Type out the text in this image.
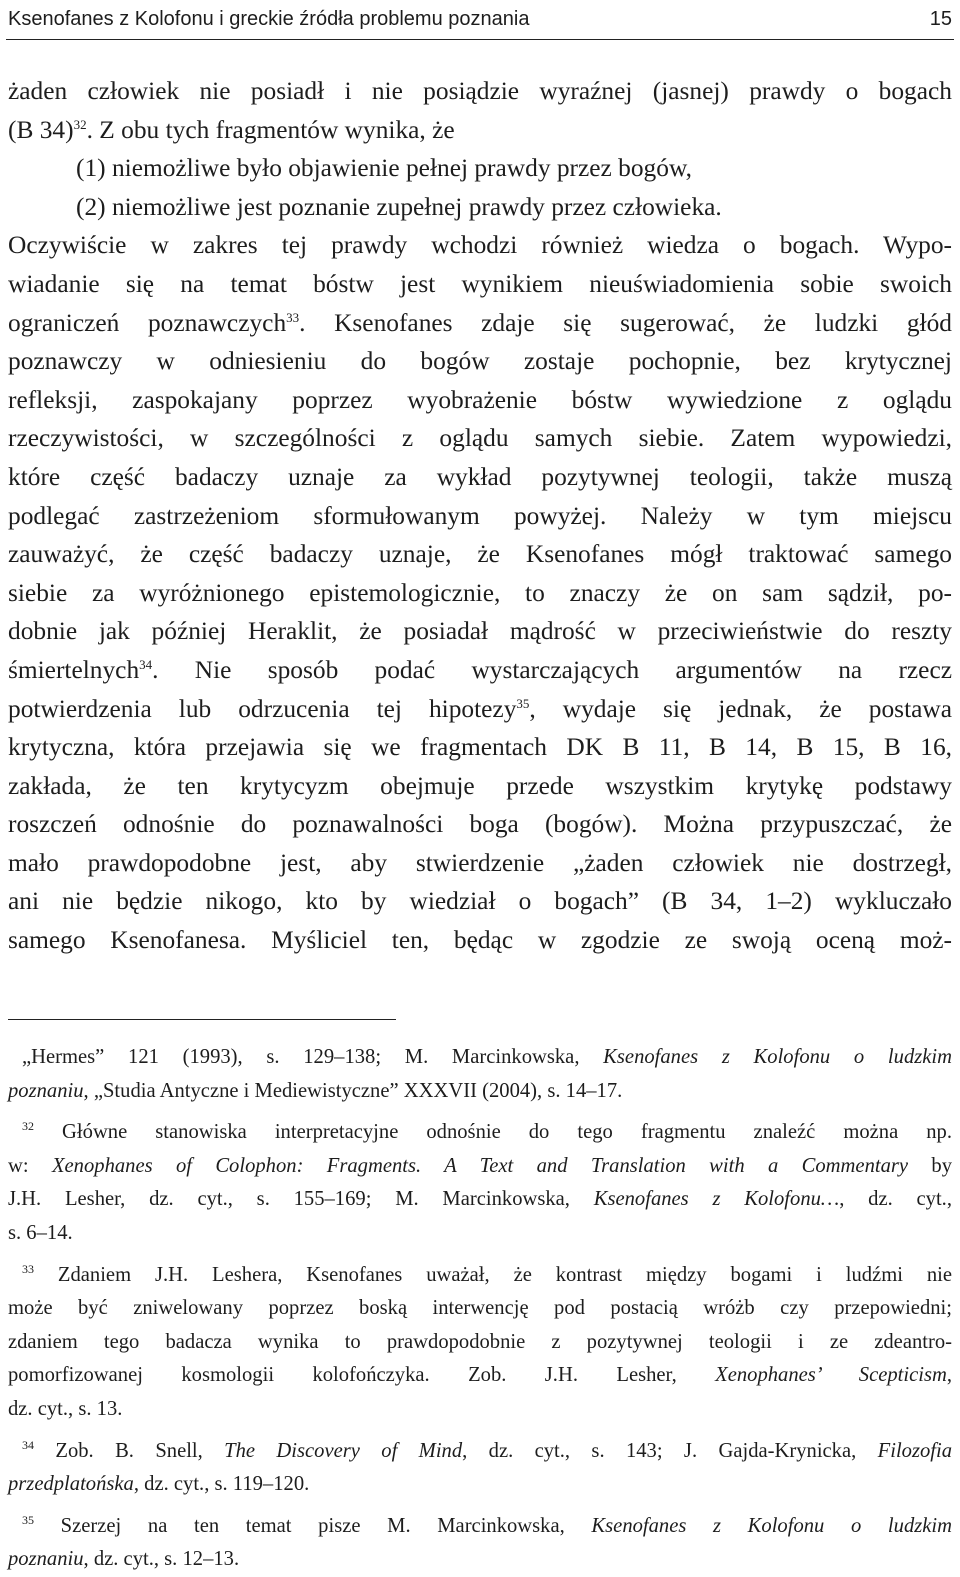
Ksenofanes z Kolofonu i greckie źródła problemu poznania	15
żaden człowiek nie posiadł i nie posiądzie wyraźnej (jasnej) prawdy o bogach
(B 34)$^{32}$. Z obu tych fragmentów wynika, że
(1) niemożliwe było objawienie pełnej prawdy przez bogów,
(2) niemożliwe jest poznanie zupełnej prawdy przez człowieka.
Oczywiście w zakres tej prawdy wchodzi również wiedza o bogach. Wypo-
wiadanie się na temat bóstw jest wynikiem nieuświadomienia sobie swoich
ograniczeń poznawczych$^{33}$. Ksenofanes zdaje się sugerować, że ludzki głód
poznawczy w odniesieniu do bogów zostaje pochopnie, bez krytycznej
refleksji, zaspokajany poprzez wyobrażenie bóstw wywiedzione z oglądu
rzeczywistości, w szczególności z oglądu samych siebie. Zatem wypowiedzi,
które część badaczy uznaje za wykład pozytywnej teologii, także muszą
podlegać zastrzeżeniom sformułowanym powyżej. Należy w tym miejscu
zauważyć, że część badaczy uznaje, że Ksenofanes mógł traktować samego
siebie za wyróżnionego epistemologicznie, to znaczy że on sam sądził, po-
dobnie jak później Heraklit, że posiadał mądrość w przeciwieństwie do reszty
śmiertelnych$^{34}$. Nie sposób podać wystarczających argumentów na rzecz
potwierdzenia lub odrzucenia tej hipotezy$^{35}$, wydaje się jednak, że postawa
krytyczna, która przejawia się we fragmentach DK B 11, B 14, B 15, B 16,
zakłada, że ten krytycyzm obejmuje przede wszystkim krytykę podstawy
roszczeń odnośnie do poznawalności boga (bogów). Można przypuszczać, że
mało prawdopodobne jest, aby stwierdzenie „żaden człowiek nie dostrzegł,
ani nie będzie nikogo, kto by wiedział o bogach” (B 34, 1–2) wykluczało
samego Ksenofanesa. Myśliciel ten, będąc w zgodzie ze swoją oceną moż-
„Hermes” 121 (1993), s. 129–138; M. Marcinkowska, Ksenofanes z Kolofonu o ludzkim
poznaniu, „Studia Antyczne i Mediewistyczne” XXXVII (2004), s. 14–17.
$^{32}$ Główne stanowiska interpretacyjne odnośnie do tego fragmentu znaleźć można np.
w: Xenophanes of Colophon: Fragments. A Text and Translation with a Commentary by
J.H. Lesher, dz. cyt., s. 155–169; M. Marcinkowska, Ksenofanes z Kolofonu…, dz. cyt.,
s. 6–14.
$^{33}$ Zdaniem J.H. Leshera, Ksenofanes uważał, że kontrast między bogami i ludźmi nie
może być zniwelowany poprzez boską interwencję pod postacią wróżb czy przepowiedni;
zdaniem tego badacza wynika to prawdopodobnie z pozytywnej teologii i ze zdeantro-
pomorfizowanej kosmologii kolofończyka. Zob. J.H. Lesher, Xenophanes’ Scepticism,
dz. cyt., s. 13.
$^{34}$ Zob. B. Snell, The Discovery of Mind, dz. cyt., s. 143; J. Gajda-Krynicka, Filozofia
przedplatońska, dz. cyt., s. 119–120.
$^{35}$ Szerzej na ten temat pisze M. Marcinkowska, Ksenofanes z Kolofonu o ludzkim
poznaniu, dz. cyt., s. 12–13.
